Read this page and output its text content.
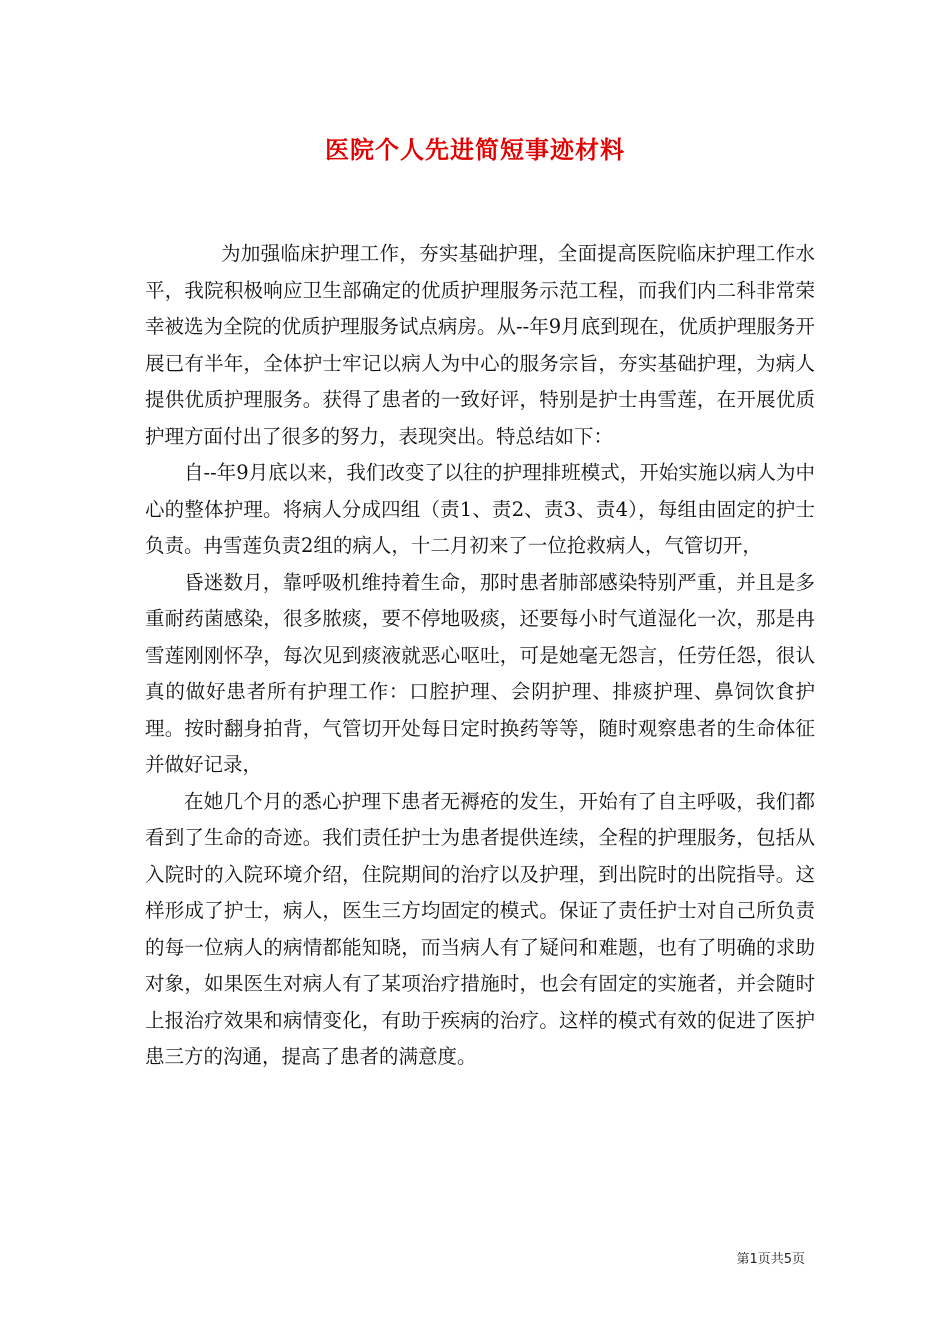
医院个人先进简短事迹材料

为加强临床护理工作，夯实基础护理，全面提高医院临床护理工作水平，我院积极响应卫生部确定的优质护理服务示范工程，而我们内二科非常荣幸被选为全院的优质护理服务试点病房。从--年9月底到现在，优质护理服务开展已有半年，全体护士牢记以病人为中心的服务宗旨，夯实基础护理，为病人提供优质护理服务。获得了患者的一致好评，特别是护士冉雪莲，在开展优质护理方面付出了很多的努力，表现突出。特总结如下：

自--年9月底以来，我们改变了以往的护理排班模式，开始实施以病人为中心的整体护理。将病人分成四组（责1、责2、责3、责4），每组由固定的护士负责。冉雪莲负责2组的病人，十二月初来了一位抢救病人，气管切开，

昏迷数月，靠呼吸机维持着生命，那时患者肺部感染特别严重，并且是多重耐药菌感染，很多脓痰，要不停地吸痰，还要每小时气道湿化一次，那是冉雪莲刚刚怀孕，每次见到痰液就恶心呕吐，可是她毫无怨言，任劳任怨，很认真的做好患者所有护理工作：口腔护理、会阴护理、排痰护理、鼻饲饮食护理。按时翻身拍背，气管切开处每日定时换药等等，随时观察患者的生命体征并做好记录，

在她几个月的悉心护理下患者无褥疮的发生，开始有了自主呼吸，我们都看到了生命的奇迹。我们责任护士为患者提供连续，全程的护理服务，包括从入院时的入院环境介绍，住院期间的治疗以及护理，到出院时的出院指导。这样形成了护士，病人，医生三方均固定的模式。保证了责任护士对自己所负责的每一位病人的病情都能知晓，而当病人有了疑问和难题，也有了明确的求助对象，如果医生对病人有了某项治疗措施时，也会有固定的实施者，并会随时上报治疗效果和病情变化，有助于疾病的治疗。这样的模式有效的促进了医护患三方的沟通，提高了患者的满意度。

第1页共5页
